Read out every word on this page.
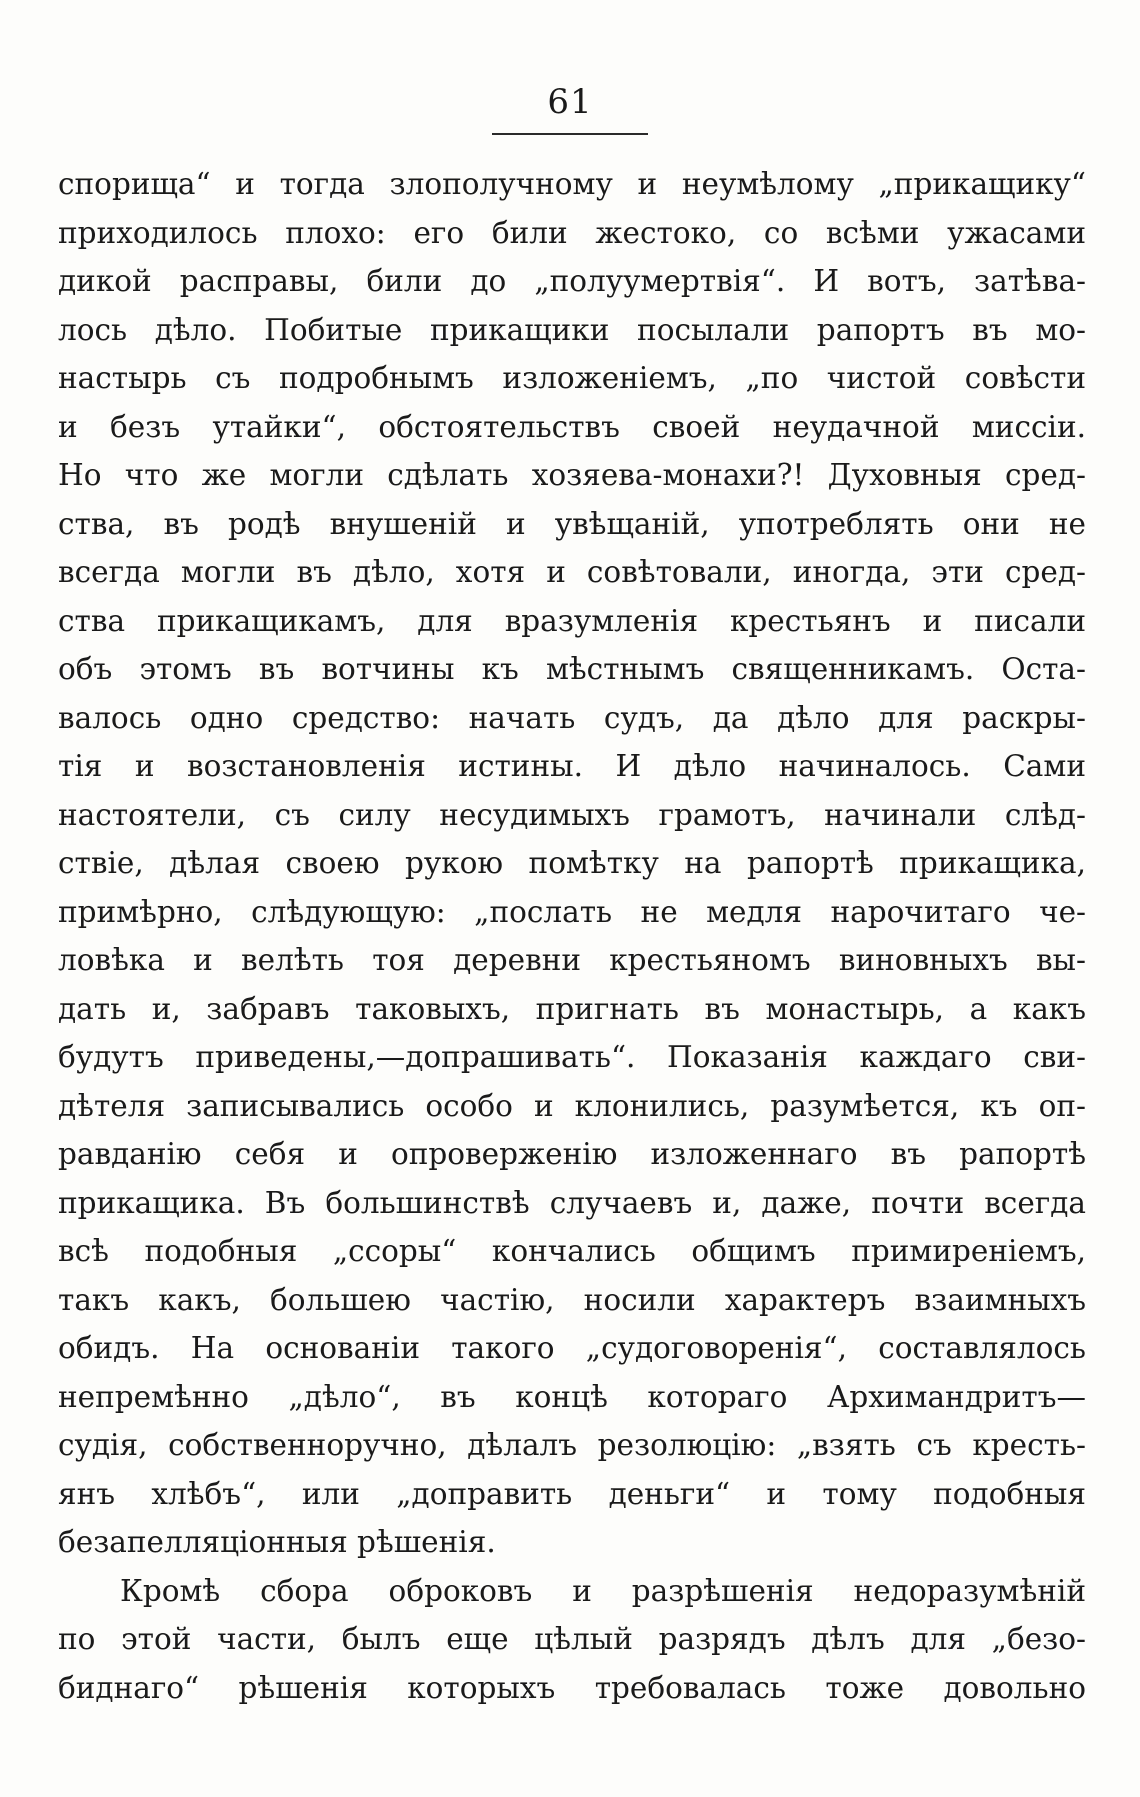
61
спорища“ и тогда злополучному и неумѣлому „прикащику“
приходилось плохо: его били жестоко, со всѣми ужасами
дикой расправы, били до „полуумертвія“. И вотъ, затѣва-
лось дѣло. Побитые прикащики посылали рапортъ въ мо-
настырь съ подробнымъ изложеніемъ, „по чистой совѣсти
и безъ утайки“, обстоятельствъ своей неудачной миссіи.
Но что же могли сдѣлать хозяева-монахи?! Духовныя сред-
ства, въ родѣ внушеній и увѣщаній, употреблять они не
всегда могли въ дѣло, хотя и совѣтовали, иногда, эти сред-
ства прикащикамъ, для вразумленія крестьянъ и писали
объ этомъ въ вотчины къ мѣстнымъ священникамъ. Оста-
валось одно средство: начать судъ, да дѣло для раскры-
тія и возстановленія истины. И дѣло начиналось. Сами
настоятели, съ силу несудимыхъ грамотъ, начинали слѣд-
ствіе, дѣлая своею рукою помѣтку на рапортѣ прикащика,
примѣрно, слѣдующую: „послать не медля нарочитаго че-
ловѣка и велѣть тоя деревни крестьяномъ виновныхъ вы-
дать и, забравъ таковыхъ, пригнать въ монастырь, а какъ
будутъ приведены,—допрашивать“. Показанія каждаго сви-
дѣтеля записывались особо и клонились, разумѣется, къ оп-
равданію себя и опроверженію изложеннаго въ рапортѣ
прикащика. Въ большинствѣ случаевъ и, даже, почти всегда
всѣ подобныя „ссоры“ кончались общимъ примиреніемъ,
такъ какъ, большею частію, носили характеръ взаимныхъ
обидъ. На основаніи такого „судоговоренія“, составлялось
непремѣнно „дѣло“, въ концѣ котораго Архимандритъ—
судія, собственноручно, дѣлалъ резолюцію: „взять съ кресть-
янъ хлѣбъ“, или „доправить деньги“ и тому подобныя
безапелляціонныя рѣшенія.
Кромѣ сбора оброковъ и разрѣшенія недоразумѣній
по этой части, былъ еще цѣлый разрядъ дѣлъ для „безо-
биднаго“ рѣшенія которыхъ требовалась тоже довольно
